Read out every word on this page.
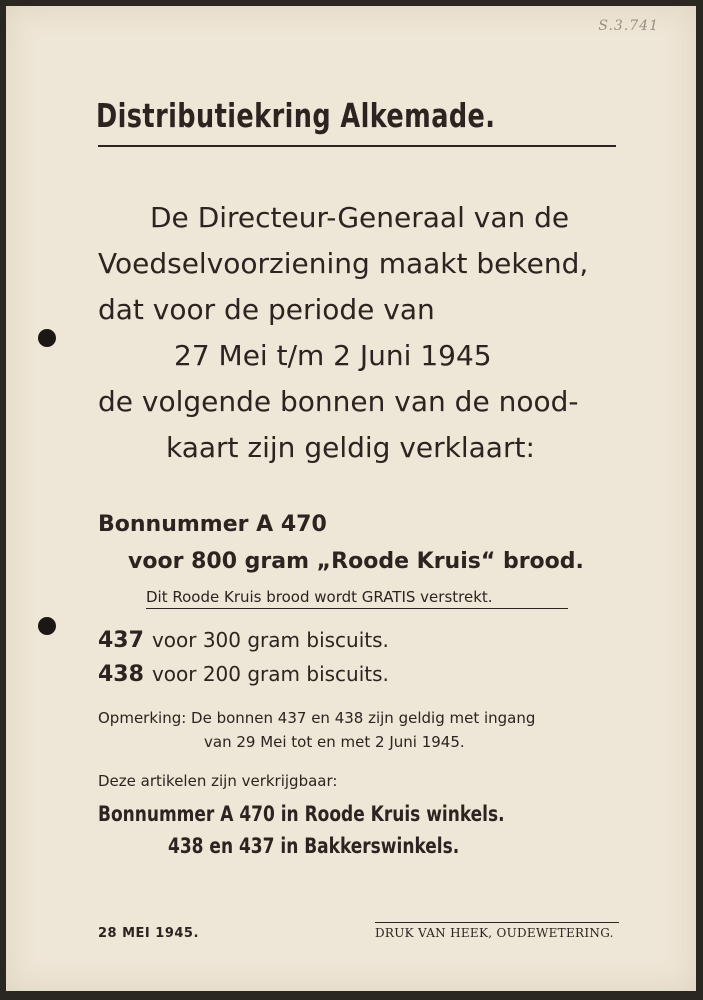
S.3.741
Distributiekring Alkemade.
De Directeur-Generaal van de
Voedselvoorziening maakt bekend,
dat voor de periode van
27 Mei t/m 2 Juni 1945
de volgende bonnen van de nood-
kaart zijn geldig verklaart:
Bonnummer A 470
voor 800 gram „Roode Kruis“ brood.
Dit Roode Kruis brood wordt GRATIS verstrekt.
437 voor 300 gram biscuits.
438 voor 200 gram biscuits.
Opmerking: De bonnen 437 en 438 zijn geldig met ingang
van 29 Mei tot en met 2 Juni 1945.
Deze artikelen zijn verkrijgbaar:
Bonnummer A 470 in Roode Kruis winkels.
438 en 437 in Bakkerswinkels.
28 MEI 1945.	DRUK VAN HEEK, OUDEWETERING.
